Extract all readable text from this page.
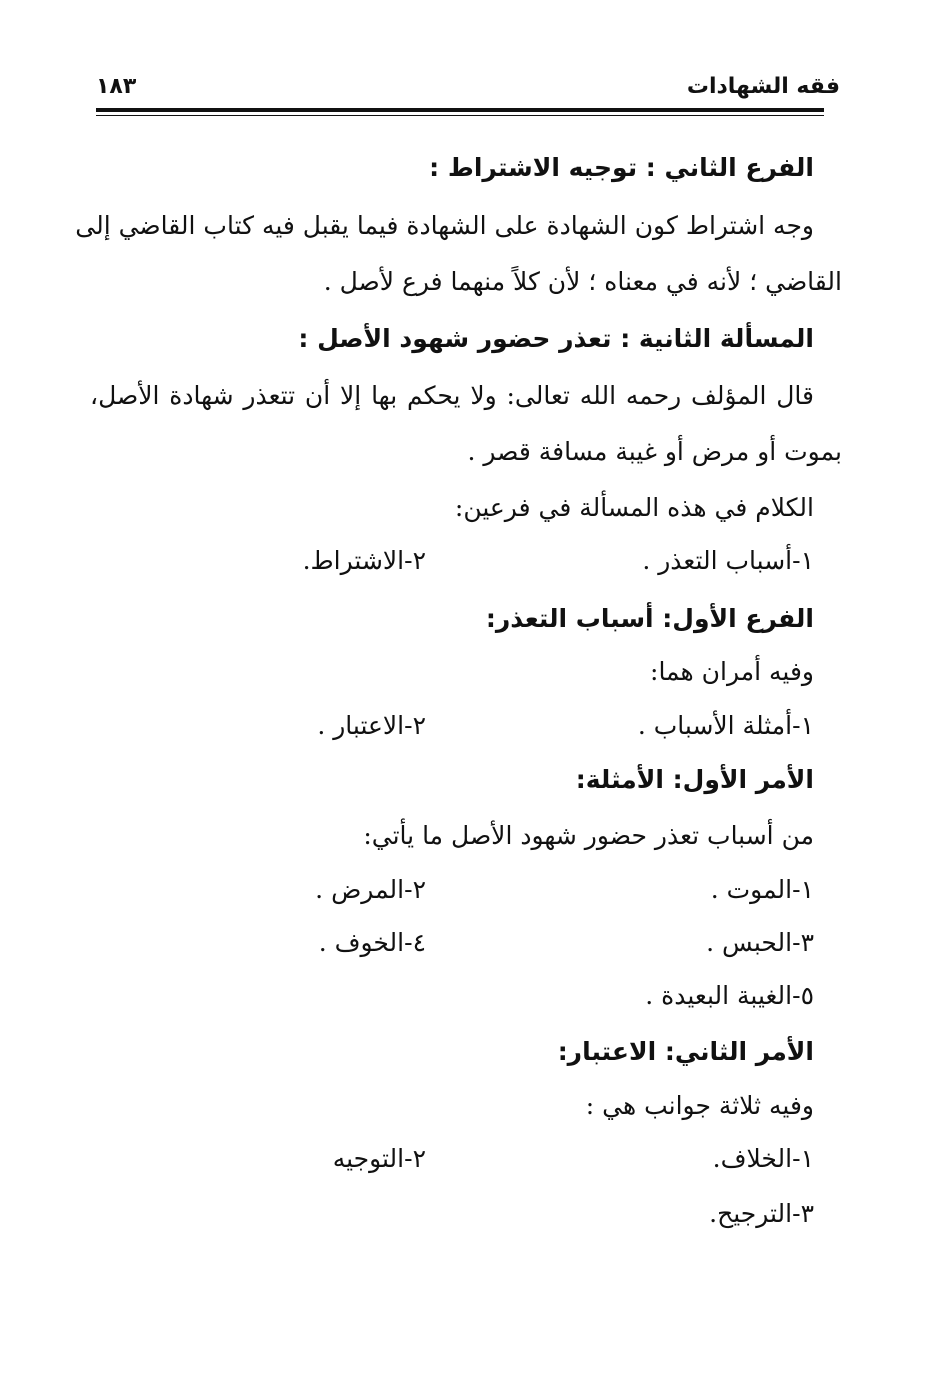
فقه الشهادات
١٨٣
الفرع الثاني : توجيه الاشتراط :
وجه اشتراط كون الشهادة على الشهادة فيما يقبل فيه كتاب القاضي إلى
القاضي ؛ لأنه في معناه ؛ لأن كلاً منهما فرع لأصل .
المسألة الثانية : تعذر حضور شهود الأصل :
قال المؤلف رحمه الله تعالى: ولا يحكم بها إلا أن تتعذر شهادة الأصل،
بموت أو مرض أو غيبة مسافة قصر .
الكلام في هذه المسألة في فرعين:
١-أسباب التعذر .
٢-الاشتراط.
الفرع الأول: أسباب التعذر:
وفيه أمران هما:
١-أمثلة الأسباب .
٢-الاعتبار .
الأمر الأول: الأمثلة:
من أسباب تعذر حضور شهود الأصل ما يأتي:
١-الموت .
٢-المرض .
٣-الحبس .
٤-الخوف .
٥-الغيبة البعيدة .
الأمر الثاني: الاعتبار:
وفيه ثلاثة جوانب هي :
١-الخلاف.
٢-التوجيه
٣-الترجيح.
